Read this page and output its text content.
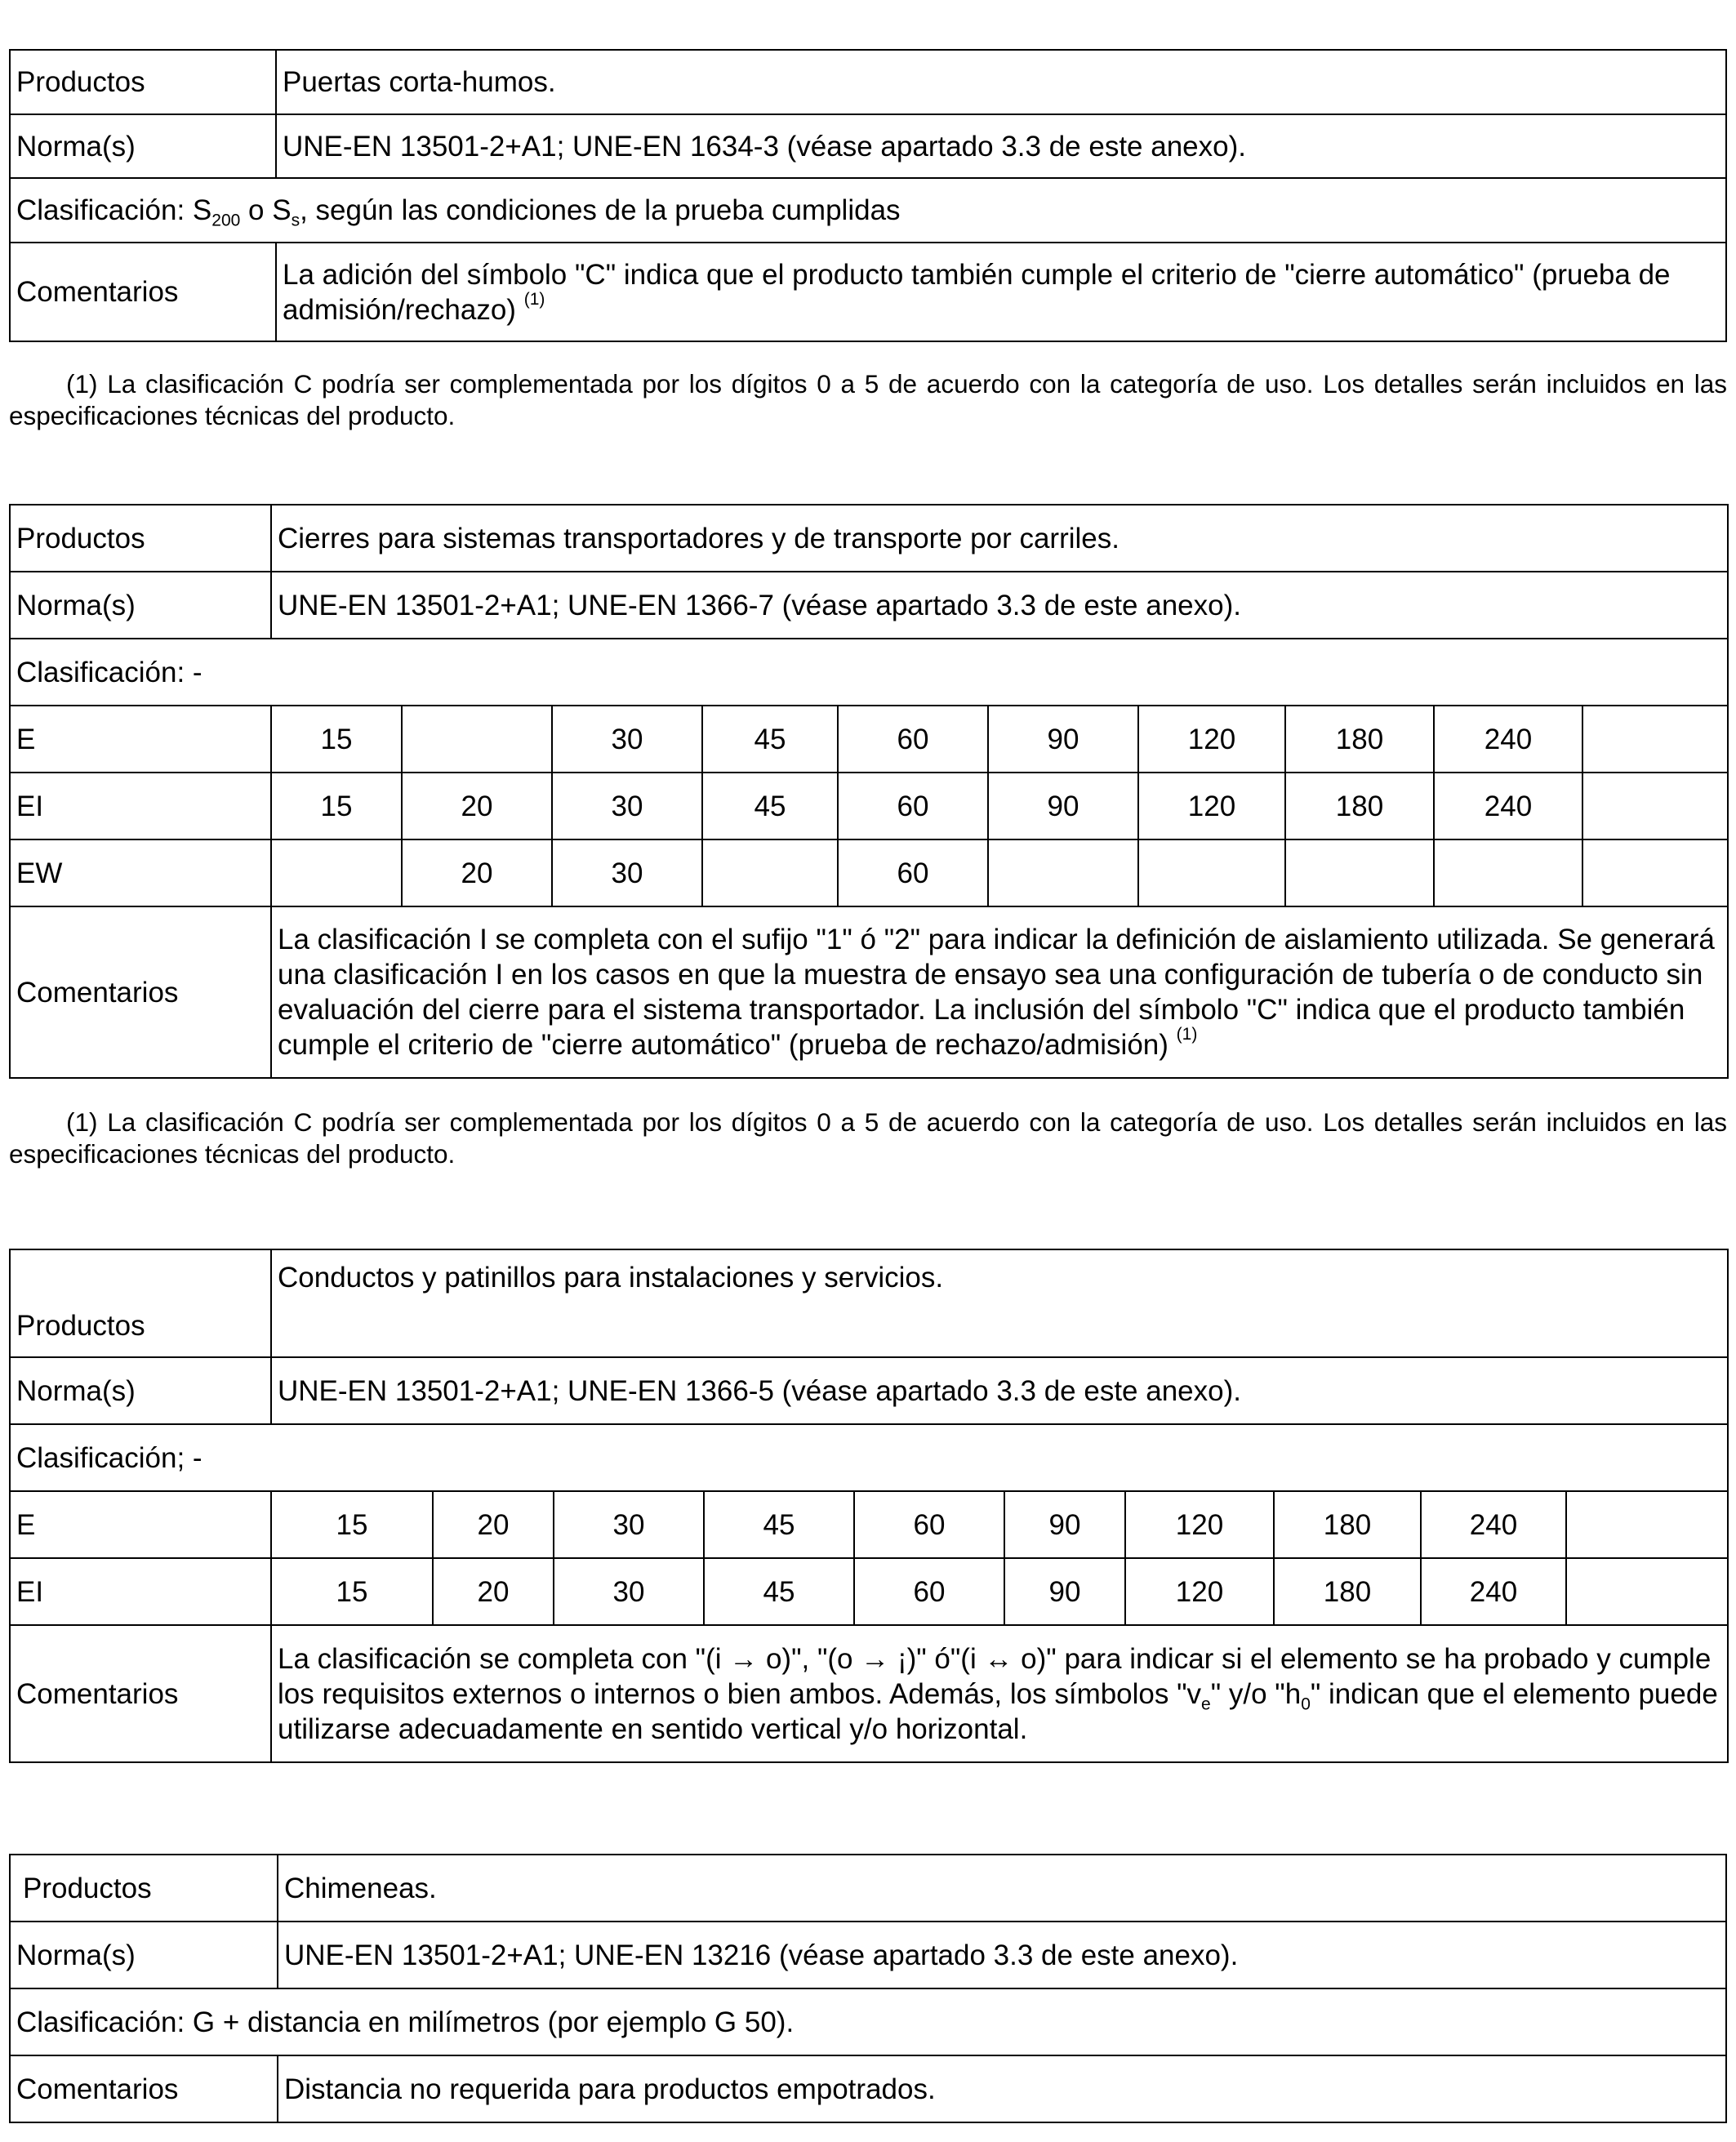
Productos	Puertas corta-humos.
Norma(s)	UNE-EN 13501-2+A1; UNE-EN 1634-3 (véase apartado 3.3 de este anexo).
Clasificación: $S_{200}$ o $S_s$, según las condiciones de la prueba cumplidas	
Comentarios	La adición del símbolo "C" indica que el producto también cumple el criterio de "cierre automático" (prueba de admisión/rechazo) $^{(1)}$

(1) La clasificación C podría ser complementada por los dígitos 0 a 5 de acuerdo con la categoría de uso. Los detalles serán incluidos en las especificaciones técnicas del producto.

Productos	Cierres para sistemas transportadores y de transporte por carriles.									
Norma(s)	UNE-EN 13501-2+A1; UNE-EN 1366-7 (véase apartado 3.3 de este anexo).									
Clasificación: -										
E	15		30	45	60	90	120	180	240	
EI	15	20	30	45	60	90	120	180	240	
EW		20	30		60					
Comentarios	La clasificación I se completa con el sufijo "1" ó "2" para indicar la definición de aislamiento utilizada. Se generará una clasificación I en los casos en que la muestra de ensayo sea una configuración de tubería o de conducto sin evaluación del cierre para el sistema transportador. La inclusión del símbolo "C" indica que el producto también cumple el criterio de "cierre automático" (prueba de rechazo/admisión) $^{(1)}$

(1) La clasificación C podría ser complementada por los dígitos 0 a 5 de acuerdo con la categoría de uso. Los detalles serán incluidos en las especificaciones técnicas del producto.

Productos	Conductos y patinillos para instalaciones y servicios.									
Norma(s)	UNE-EN 13501-2+A1; UNE-EN 1366-5 (véase apartado 3.3 de este anexo).									
Clasificación; -										
E	15	20	30	45	60	90	120	180	240	
EI	15	20	30	45	60	90	120	180	240	
Comentarios	La clasificación se completa con "(i → o)", "(o → ¡)" ó"(i ↔ o)" para indicar si el elemento se ha probado y cumple los requisitos externos o internos o bien ambos. Además, los símbolos "$v_e$" y/o "$h_0$" indican que el elemento puede utilizarse adecuadamente en sentido vertical y/o horizontal.									
Productos	Chimeneas.
Norma(s)	UNE-EN 13501-2+A1; UNE-EN 13216 (véase apartado 3.3 de este anexo).
Clasificación: G + distancia en milímetros (por ejemplo G 50).	
Comentarios	Distancia no requerida para productos empotrados.
